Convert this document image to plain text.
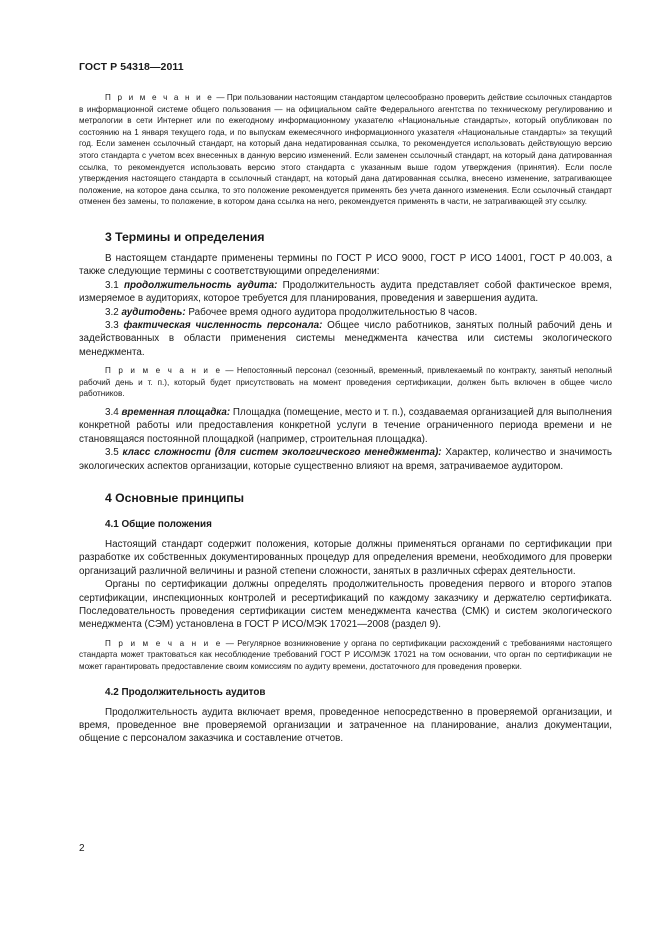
ГОСТ Р 54318—2011

П р и м е ч а н и е — При пользовании настоящим стандартом целесообразно проверить действие ссылочных стандартов в информационной системе общего пользования — на официальном сайте Федерального агентства по техническому регулированию и метрологии в сети Интернет или по ежегодному информационному указателю «Национальные стандарты», который опубликован по состоянию на 1 января текущего года, и по выпускам ежемесячного информационного указателя «Национальные стандарты» за текущий год. Если заменен ссылочный стандарт, на который дана недатированная ссылка, то рекомендуется использовать действующую версию этого стандарта с учетом всех внесенных в данную версию изменений. Если заменен ссылочный стандарт, на который дана датированная ссылка, то рекомендуется использовать версию этого стандарта с указанным выше годом утверждения (принятия). Если после утверждения настоящего стандарта в ссылочный стандарт, на который дана датированная ссылка, внесено изменение, затрагивающее положение, на которое дана ссылка, то это положение рекомендуется применять без учета данного изменения. Если ссылочный стандарт отменен без замены, то положение, в котором дана ссылка на него, рекомендуется применять в части, не затрагивающей эту ссылку.

3 Термины и определения

В настоящем стандарте применены термины по ГОСТ Р ИСО 9000, ГОСТ Р ИСО 14001, ГОСТ Р 40.003, а также следующие термины с соответствующими определениями:

3.1 продолжительность аудита: Продолжительность аудита представляет собой фактическое время, измеряемое в аудиториях, которое требуется для планирования, проведения и завершения аудита.

3.2 аудитодень: Рабочее время одного аудитора продолжительностью 8 часов.

3.3 фактическая численность персонала: Общее число работников, занятых полный рабочий день и задействованных в области применения системы менеджмента качества или системы экологического менеджмента.

П р и м е ч а н и е — Непостоянный персонал (сезонный, временный, привлекаемый по контракту, занятый неполный рабочий день и т. п.), который будет присутствовать на момент проведения сертификации, должен быть включен в общее число работников.

3.4 временная площадка: Площадка (помещение, место и т. п.), создаваемая организацией для выполнения конкретной работы или предоставления конкретной услуги в течение ограниченного периода времени и не становящаяся постоянной площадкой (например, строительная площадка).

3.5 класс сложности (для систем экологического менеджмента): Характер, количество и значимость экологических аспектов организации, которые существенно влияют на время, затрачиваемое аудитором.

4 Основные принципы

4.1 Общие положения

Настоящий стандарт содержит положения, которые должны применяться органами по сертификации при разработке их собственных документированных процедур для определения времени, необходимого для проверки организаций различной величины и разной степени сложности, занятых в различных сферах деятельности.

Органы по сертификации должны определять продолжительность проведения первого и второго этапов сертификации, инспекционных контролей и ресертификаций по каждому заказчику и держателю сертификата. Последовательность проведения сертификации систем менеджмента качества (СМК) и систем экологического менеджмента (СЭМ) установлена в ГОСТ Р ИСО/МЭК 17021—2008 (раздел 9).

П р и м е ч а н и е — Регулярное возникновение у органа по сертификации расхождений с требованиями настоящего стандарта может трактоваться как несоблюдение требований ГОСТ Р ИСО/МЭК 17021 на том основании, что орган по сертификации не может гарантировать предоставление своим комиссиям по аудиту времени, достаточного для проведения проверки.

4.2 Продолжительность аудитов

Продолжительность аудита включает время, проведенное непосредственно в проверяемой организации, и время, проведенное вне проверяемой организации и затраченное на планирование, анализ документации, общение с персоналом заказчика и составление отчетов.

2
